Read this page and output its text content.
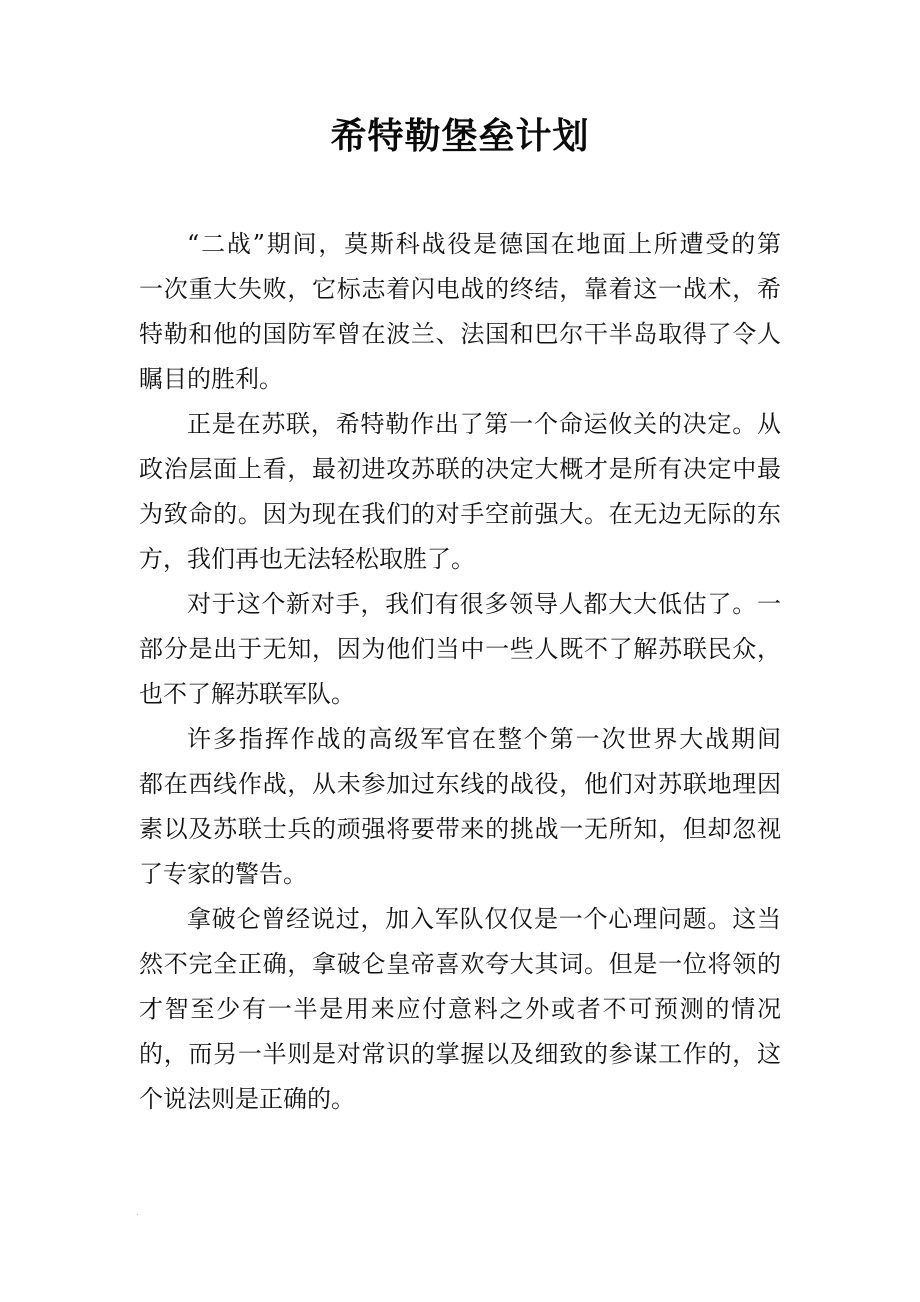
希特勒堡垒计划

“二战”期间，莫斯科战役是德国在地面上所遭受的第
一次重大失败，它标志着闪电战的终结，靠着这一战术，希
特勒和他的国防军曾在波兰、法国和巴尔干半岛取得了令人
瞩目的胜利。

正是在苏联，希特勒作出了第一个命运攸关的决定。从
政治层面上看，最初进攻苏联的决定大概才是所有决定中最
为致命的。因为现在我们的对手空前强大。在无边无际的东
方，我们再也无法轻松取胜了。

对于这个新对手，我们有很多领导人都大大低估了。一
部分是出于无知，因为他们当中一些人既不了解苏联民众，
也不了解苏联军队。

许多指挥作战的高级军官在整个第一次世界大战期间
都在西线作战，从未参加过东线的战役，他们对苏联地理因
素以及苏联士兵的顽强将要带来的挑战一无所知，但却忽视
了专家的警告。

拿破仑曾经说过，加入军队仅仅是一个心理问题。这当
然不完全正确，拿破仑皇帝喜欢夸大其词。但是一位将领的
才智至少有一半是用来应付意料之外或者不可预测的情况
的，而另一半则是对常识的掌握以及细致的参谋工作的，这
个说法则是正确的。

·
